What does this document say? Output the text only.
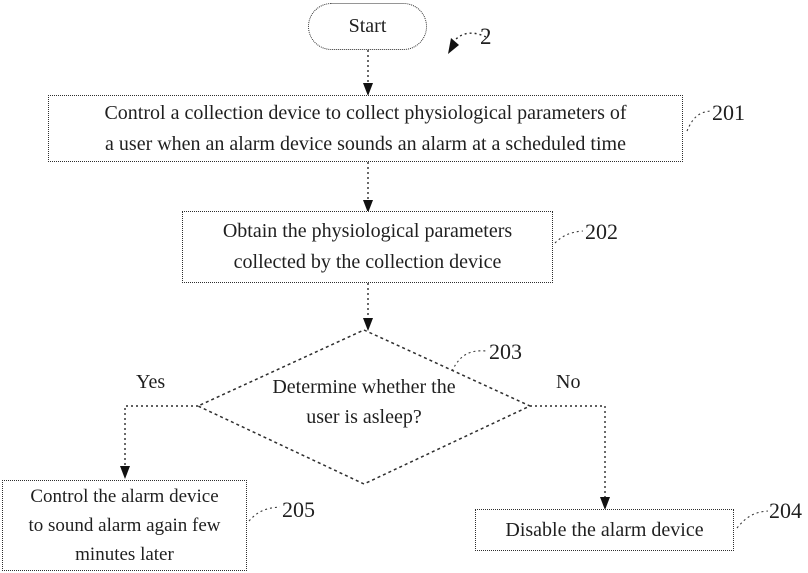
Start	2
Control a collection device to collect physiological parameters of
a user when an alarm device sounds an alarm at a scheduled time
201
Obtain the physiological parameters
collected by the collection device
202
Determine whether the
user is asleep?
203
Yes	No
Control the alarm device
to sound alarm again few
minutes later
205
Disable the alarm device
204
